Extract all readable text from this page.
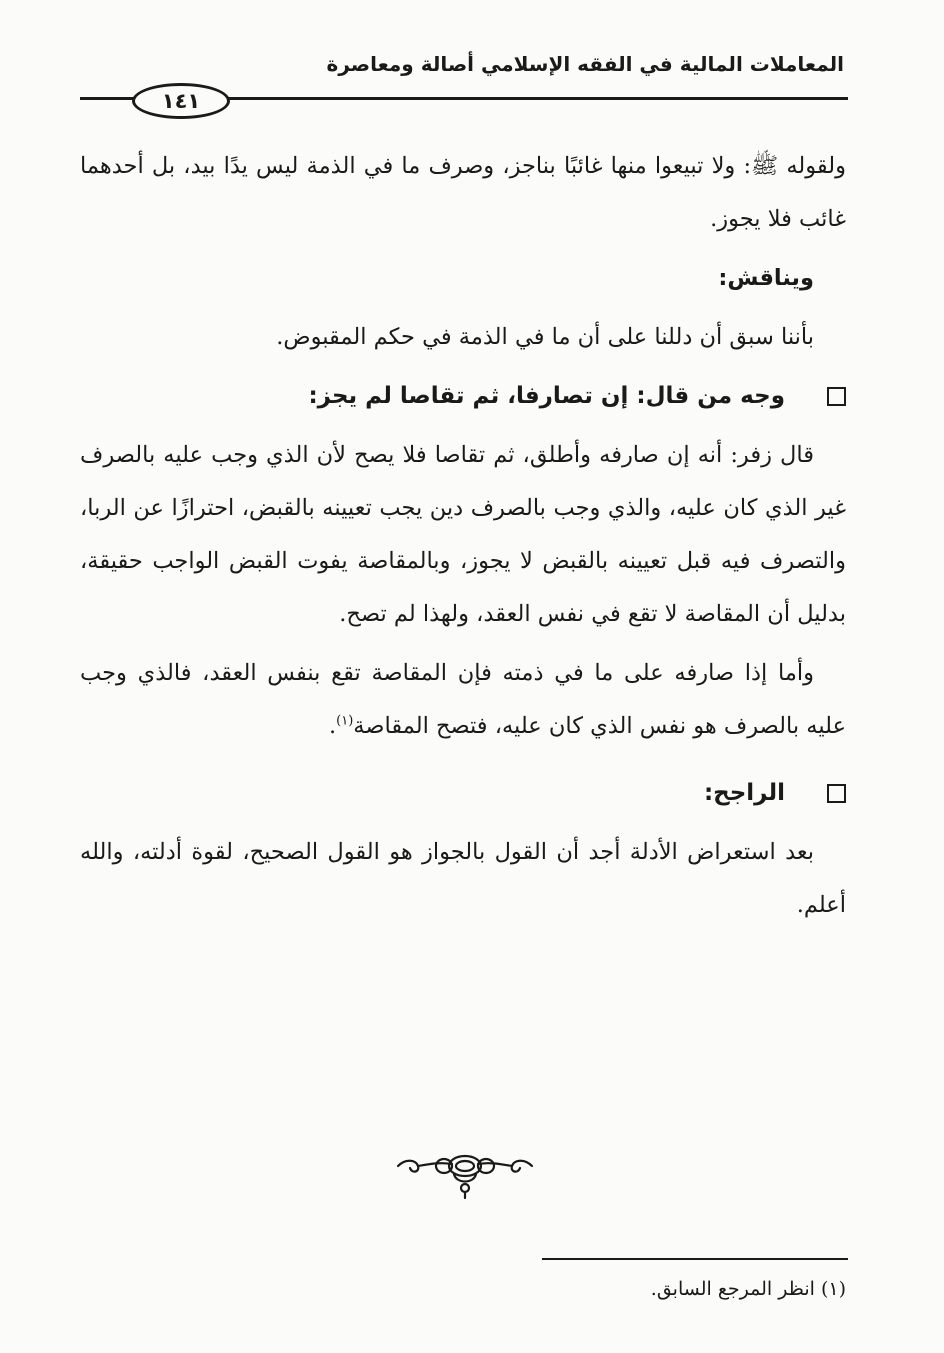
المعاملات المالية في الفقه الإسلامي أصالة ومعاصرة
١٤١

ولقوله ﷺ: ولا تبيعوا منها غائبًا بناجز، وصرف ما في الذمة ليس يدًا بيد، بل أحدهما غائب فلا يجوز.

ويناقش:

بأننا سبق أن دللنا على أن ما في الذمة في حكم المقبوض.

وجه من قال: إن تصارفا، ثم تقاصا لم يجز:

قال زفر: أنه إن صارفه وأطلق، ثم تقاصا فلا يصح لأن الذي وجب عليه بالصرف غير الذي كان عليه، والذي وجب بالصرف دين يجب تعيينه بالقبض، احترازًا عن الربا، والتصرف فيه قبل تعيينه بالقبض لا يجوز، وبالمقاصة يفوت القبض الواجب حقيقة، بدليل أن المقاصة لا تقع في نفس العقد، ولهذا لم تصح.

وأما إذا صارفه على ما في ذمته فإن المقاصة تقع بنفس العقد، فالذي وجب عليه بالصرف هو نفس الذي كان عليه، فتصح المقاصة$^{(١)}$.

الراجح:

بعد استعراض الأدلة أجد أن القول بالجواز هو القول الصحيح، لقوة أدلته، والله أعلم.

(١) انظر المرجع السابق.
